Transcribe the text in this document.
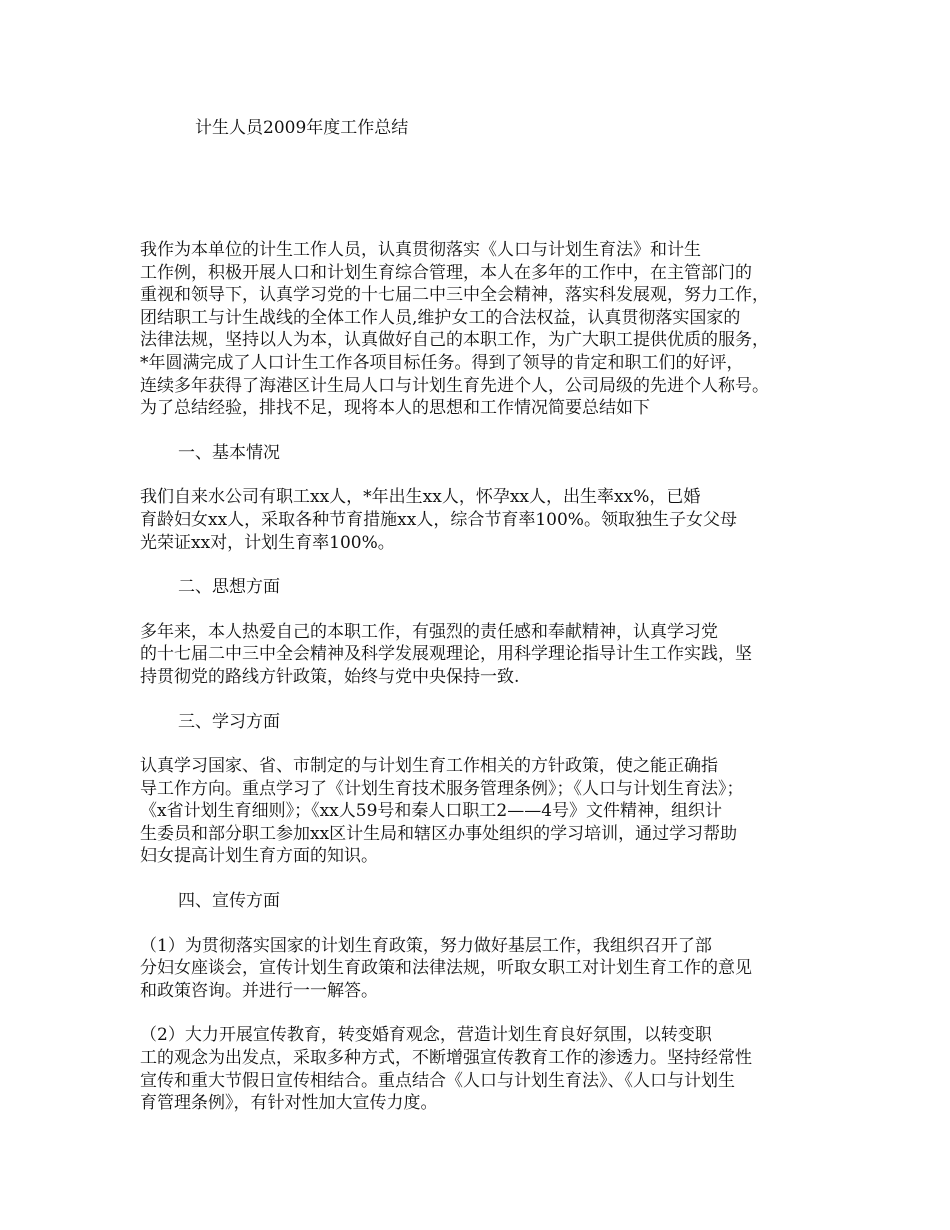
计生人员2009年度工作总结
我作为本单位的计生工作人员，认真贯彻落实《人口与计划生育法》和计生
工作例，积极开展人口和计划生育综合管理，本人在多年的工作中，在主管部门的
重视和领导下，认真学习党的十七届二中三中全会精神，落实科发展观，努力工作，
团结职工与计生战线的全体工作人员,维护女工的合法权益，认真贯彻落实国家的
法律法规，坚持以人为本，认真做好自己的本职工作，为广大职工提供优质的服务，
*年圆满完成了人口计生工作各项目标任务。得到了领导的肯定和职工们的好评，
连续多年获得了海港区计生局人口与计划生育先进个人，公司局级的先进个人称号。
为了总结经验，排找不足，现将本人的思想和工作情况简要总结如下
一、基本情况
我们自来水公司有职工xx人，*年出生xx人，怀孕xx人，出生率xx%，已婚
育龄妇女xx人，采取各种节育措施xx人，综合节育率100%。领取独生子女父母
光荣证xx对，计划生育率100%。
二、思想方面
多年来，本人热爱自己的本职工作，有强烈的责任感和奉献精神，认真学习党
的十七届二中三中全会精神及科学发展观理论，用科学理论指导计生工作实践，坚
持贯彻党的路线方针政策，始终与党中央保持一致.
三、学习方面
认真学习国家、省、市制定的与计划生育工作相关的方针政策，使之能正确指
导工作方向。重点学习了《计划生育技术服务管理条例》；《人口与计划生育法》；
《x省计划生育细则》；《xx人59号和秦人口职工2——4号》文件精神，组织计
生委员和部分职工参加xx区计生局和辖区办事处组织的学习培训，通过学习帮助
妇女提高计划生育方面的知识。
四、宣传方面
（1）为贯彻落实国家的计划生育政策，努力做好基层工作，我组织召开了部
分妇女座谈会，宣传计划生育政策和法律法规，听取女职工对计划生育工作的意见
和政策咨询。并进行一一解答。
（2）大力开展宣传教育，转变婚育观念，营造计划生育良好氛围，以转变职
工的观念为出发点，采取多种方式，不断增强宣传教育工作的渗透力。坚持经常性
宣传和重大节假日宣传相结合。重点结合《人口与计划生育法》、《人口与计划生
育管理条例》，有针对性加大宣传力度。
